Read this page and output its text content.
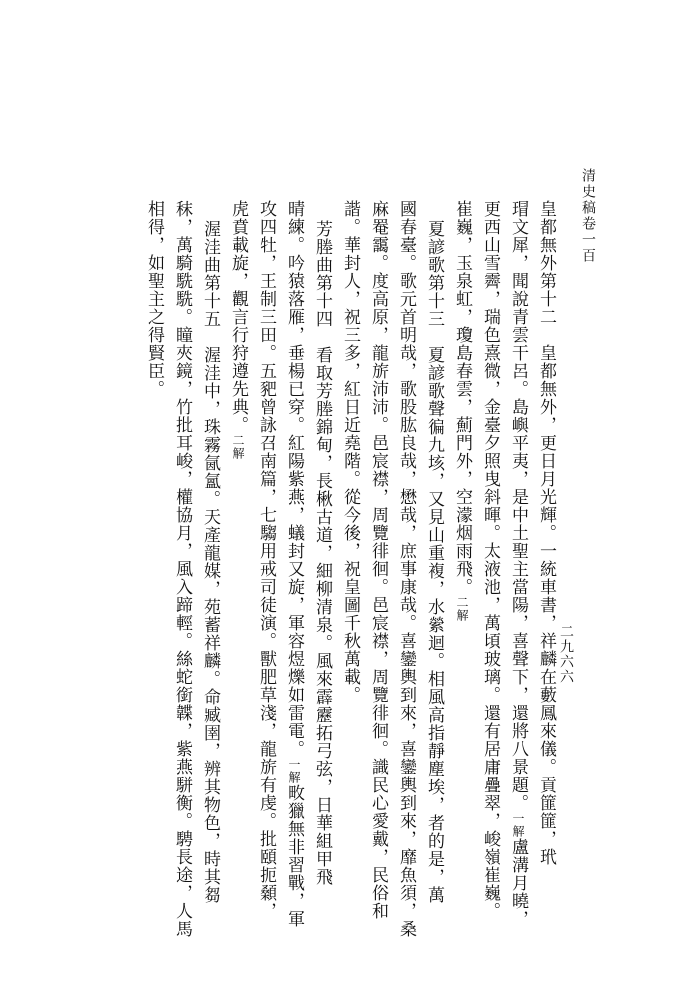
清史稿卷一百
二九六六
皇都無外第十二　皇都無外，更日月光輝。一統車書，祥麟在藪鳳來儀。貢篚篚，玳
瑁文犀，聞說青雲干呂。島嶼平夷，是中土聖主當陽，喜聲下，還將八景題。一解盧溝月曉，
更西山雪霽，瑞色熹微，金臺夕照曳斜暉。太液池，萬頃玻璃。還有居庸疊翠，峻嶺崔巍。
崔巍，玉泉虹，瓊島春雲，薊門外，空濛烟雨飛。二解
夏諺歌第十三　夏諺歌聲徧九垓，又見山重複，水縈迴。相風高指靜塵埃，者的是，萬
國春臺。歌元首明哉，歌股肱良哉，懋哉，庶事康哉。喜鑾輿到來，喜鑾輿到來，靡魚須，桑
麻罨靄。度高原，龍旂沛沛。邑宸襟，周覽徘徊。邑宸襟，周覽徘徊。識民心愛戴，民俗和
諧。華封人，祝三多，紅日近堯階。從今後，祝皇圖千秋萬載。
芳塍曲第十四　看取芳塍錦甸，長楸古道，細柳清泉。風來霹靂拓弓弦，日華組甲飛
晴練。吟猿落雁，垂楊已穿。紅陽紫燕，蟻封又旋，軍容煜爍如雷電。一解畋獵無非習戰，軍
攻四牡，王制三田。五豝曾詠召南篇，七騶用戒司徒演。獸肥草淺，龍旂有虔。批頤扼顙，
虎賁載旋，觀言行狩遵先典。二解
渥洼曲第十五　渥洼中，珠霧氤氳。天產龍媒，苑蓄祥麟。命臧圉，辨其物色，時其芻
秣，萬騎駪駪。瞳夾鏡，竹批耳峻，權協月，風入蹄輕。絲蛇銜韘，紫燕駢衡。騁長途，人馬
相得，如聖主之得賢臣。
